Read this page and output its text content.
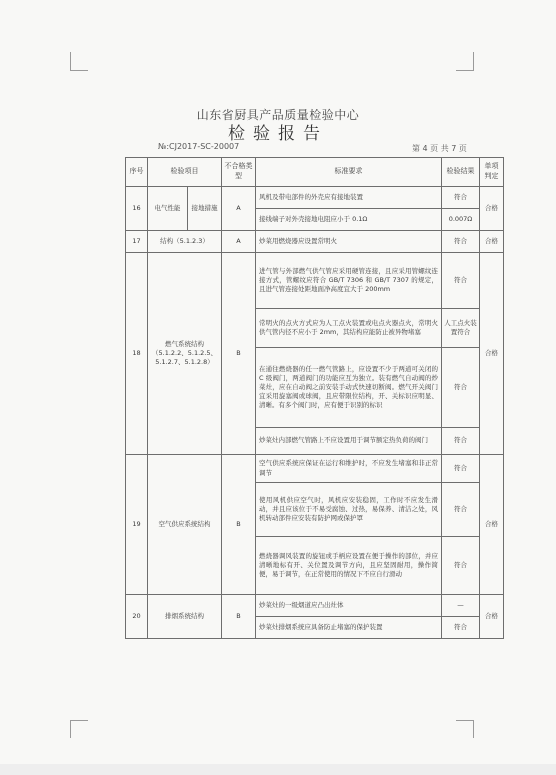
山东省厨具产品质量检验中心
检验报告
№:CJ2017-SC-20007	第 4 页 共 7 页
序号	检验项目		不合格类型	标准要求	检验结果	单项判定
16	电气性能	接地措施	A	风机及带电部件的外壳应有接地装置	符合	合格
				接线端子对外壳接地电阻应小于 0.1Ω	0.007Ω	
17	结构（5.1.2.3）		A	炒菜用燃烧器应设置常明火	符合	合格
18	燃气系统结构（5.1.2.2、5.1.2.5、5.1.2.7、5.1.2.8）		B	进气管与外部燃气供气管应采用硬管连接，且应采用管螺纹连接方式，管螺纹应符合 GB/T 7306 和 GB/T 7307 的规定，且进气管连接处距地面净高度宜大于 200mm	符合	合格
				常明火的点火方式应为人工点火装置或电点火器点火，常明火供气管内径不应小于 2mm，其结构应能防止被异物堵塞	人工点火装置符合	
				在通往燃烧器的任一燃气管路上，应设置不少于两道可关闭的 C 级阀门，两道阀门的功能应互为独立。装有燃气自动阀的炒菜灶，应在自动阀之前安装手动式快速切断阀。燃气开关阀门宜采用旋塞阀或球阀，且应带限位结构，开、关标识应明显、清晰。有多个阀门时，应有便于识别的标识	符合	
				炒菜灶内部燃气管路上不应设置用于调节额定热负荷的阀门	符合	
19	空气供应系统结构		B	空气供应系统应保证在运行和维护时，不应发生堵塞和非正常调节	符合	合格
				使用风机供应空气时，风机应安装稳固，工作时不应发生滑动，并且应该位于不易受腐蚀、过热，易保养、清洁之处，风机转动部件应安装有防护网或保护罩	符合	
				燃烧器调风装置的旋钮或手柄应设置在便于操作的部位，并应清晰地标有开、关位置及调节方向，且应坚固耐用，操作简便，易于调节，在正常使用的情况下不应自行滑动	符合	
20	排烟系统结构		B	炒菜灶的一级烟道应凸出灶体	—	合格
				炒菜灶排烟系统应具备防止堵塞的保护装置	符合	
